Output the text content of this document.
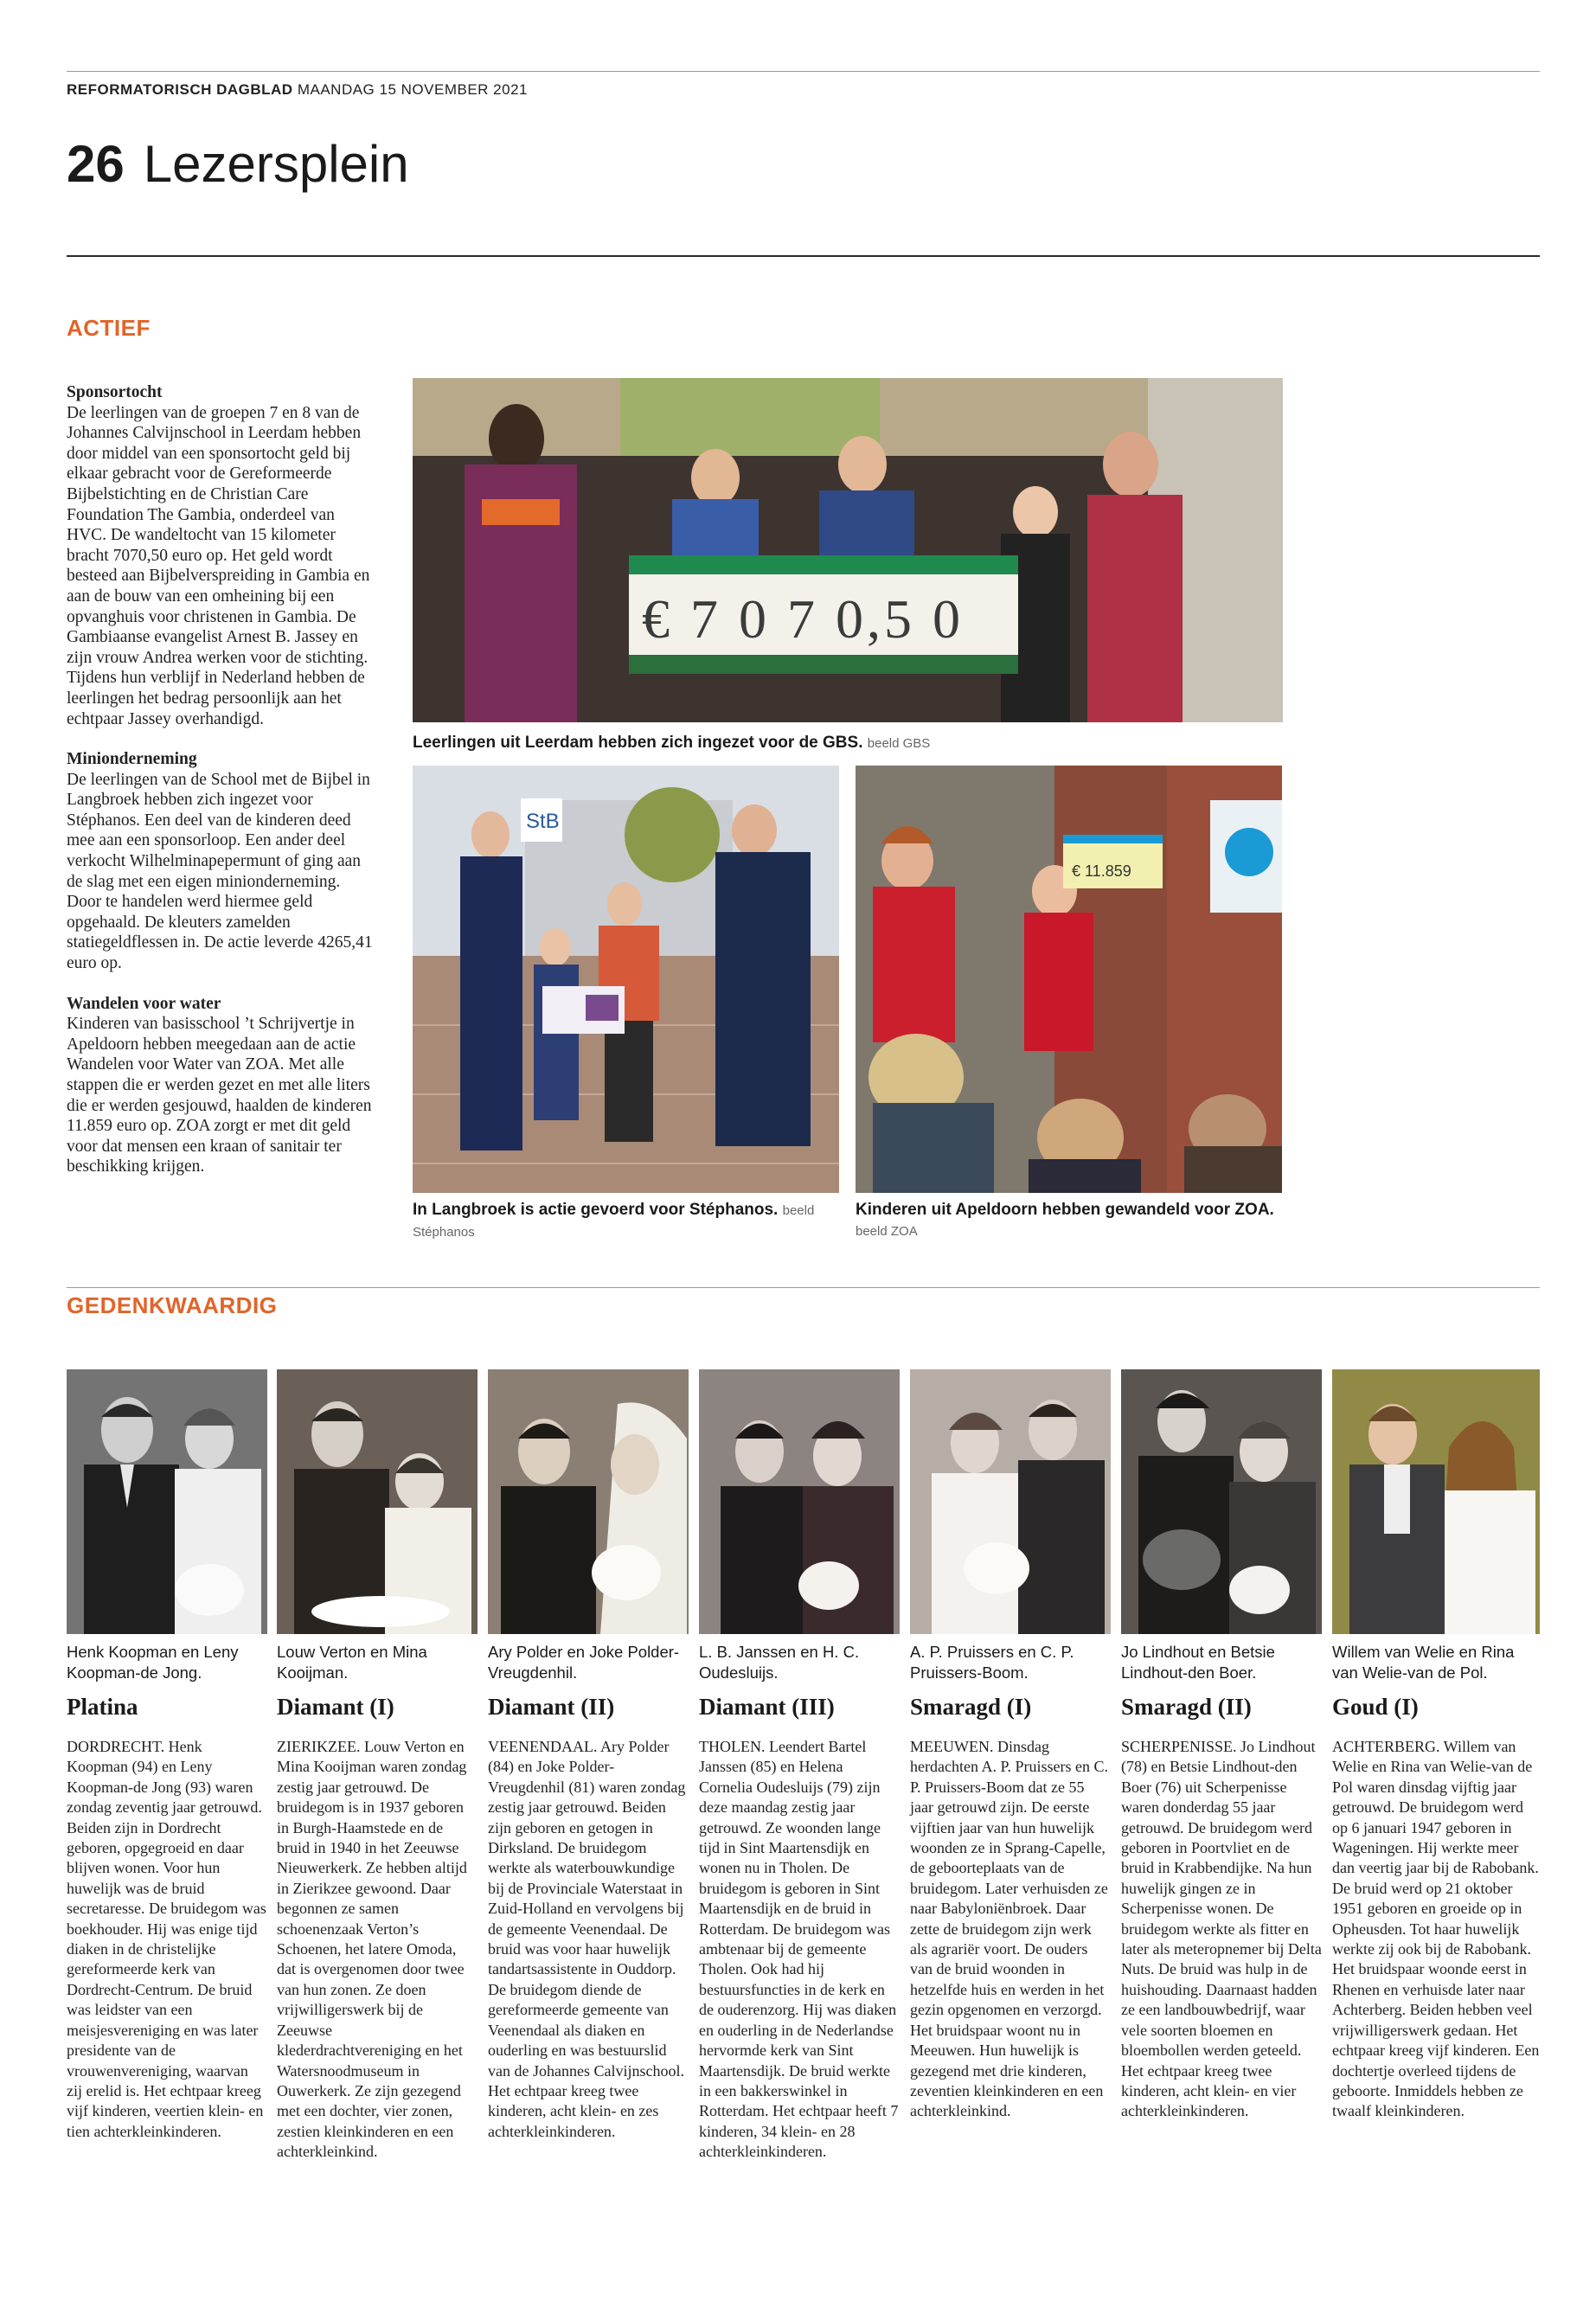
REFORMATORISCH DAGBLAD MAANDAG 15 NOVEMBER 2021
26 Lezersplein
ACTIEF
Sponsortocht

De leerlingen van de groepen 7 en 8 van de Johannes Calvijnschool in Leerdam hebben door middel van een sponsortocht geld bij elkaar gebracht voor de Gereformeerde Bijbelstichting en de Christian Care Foundation The Gambia, onderdeel van HVC. De wandeltocht van 15 kilometer bracht 7070,50 euro op. Het geld wordt besteed aan Bijbelverspreiding in Gambia en aan de bouw van een omheining bij een opvanghuis voor christenen in Gambia. De Gambiaanse evangelist Arnest B. Jassey en zijn vrouw Andrea werken voor de stichting. Tijdens hun verblijf in Nederland hebben de leerlingen het bedrag persoonlijk aan het echtpaar Jassey overhandigd.

Minionderneming

De leerlingen van de School met de Bijbel in Langbroek hebben zich ingezet voor Stéphanos. Een deel van de kinderen deed mee aan een sponsorloop. Een ander deel verkocht Wilhelminapepermunt of ging aan de slag met een eigen minionderneming. Door te handelen werd hiermee geld opgehaald. De kleuters zamelden statiegeldflessen in. De actie leverde 4265,41 euro op.

Wandelen voor water

Kinderen van basisschool ’t Schrijvertje in Apeldoorn hebben meegedaan aan de actie Wandelen voor Water van ZOA. Met alle stappen die er werden gezet en met alle liters die er werden gesjouwd, haalden de kinderen 11.859 euro op. ZOA zorgt er met dit geld voor dat mensen een kraan of sanitair ter beschikking krijgen.

€ 7 0 7 0,5 0
Leerlingen uit Leerdam hebben zich ingezet voor de GBS. beeld GBS
StB
In Langbroek is actie gevoerd voor Stéphanos. beeld Stéphanos
€ 11.859
Kinderen uit Apeldoorn hebben gewandeld voor ZOA. beeld ZOA
GEDENKWAARDIG
Henk Koopman en Leny Koopman-de Jong.
Platina
DORDRECHT. Henk Koopman (94) en Leny Koopman-de Jong (93) waren zondag zeventig jaar getrouwd. Beiden zijn in Dordrecht geboren, opgegroeid en daar blijven wonen. Voor hun huwelijk was de bruid secretaresse. De bruidegom was boekhouder. Hij was enige tijd diaken in de christelijke gereformeerde kerk van Dordrecht-Centrum. De bruid was leidster van een meisjesvereniging en was later presidente van de vrouwenvereniging, waarvan zij erelid is. Het echtpaar kreeg vijf kinderen, veertien klein- en tien achterkleinkinderen.
Louw Verton en Mina Kooijman.
Diamant (I)
ZIERIKZEE. Louw Verton en Mina Kooijman waren zondag zestig jaar getrouwd. De bruidegom is in 1937 geboren in Burgh-Haamstede en de bruid in 1940 in het Zeeuwse Nieuwerkerk. Ze hebben altijd in Zierikzee gewoond. Daar begonnen ze samen schoenenzaak Verton’s Schoenen, het latere Omoda, dat is overgenomen door twee van hun zonen. Ze doen vrijwilligerswerk bij de Zeeuwse klederdrachtvereniging en het Watersnoodmuseum in Ouwerkerk. Ze zijn gezegend met een dochter, vier zonen, zestien kleinkinderen en een achterkleinkind.
Ary Polder en Joke Polder-Vreugdenhil.
Diamant (II)
VEENENDAAL. Ary Polder (84) en Joke Polder-Vreugdenhil (81) waren zondag zestig jaar getrouwd. Beiden zijn geboren en getogen in Dirksland. De bruidegom werkte als waterbouwkundige bij de Provinciale Waterstaat in Zuid-Holland en vervolgens bij de gemeente Veenendaal. De bruid was voor haar huwelijk tandartsassistente in Ouddorp. De bruidegom diende de gereformeerde gemeente van Veenendaal als diaken en ouderling en was bestuurslid van de Johannes Calvijnschool. Het echtpaar kreeg twee kinderen, acht klein- en zes achterkleinkinderen.
L. B. Janssen en H. C. Oudesluijs.
Diamant (III)
THOLEN. Leendert Bartel Janssen (85) en Helena Cornelia Oudesluijs (79) zijn deze maandag zestig jaar getrouwd. Ze woonden lange tijd in Sint Maartensdijk en wonen nu in Tholen. De bruidegom is geboren in Sint Maartensdijk en de bruid in Rotterdam. De bruidegom was ambtenaar bij de gemeente Tholen. Ook had hij bestuursfuncties in de kerk en de ouderenzorg. Hij was diaken en ouderling in de Nederlandse hervormde kerk van Sint Maartensdijk. De bruid werkte in een bakkerswinkel in Rotterdam. Het echtpaar heeft 7 kinderen, 34 klein- en 28 achterkleinkinderen.
A. P. Pruissers en C. P. Pruissers-Boom.
Smaragd (I)
MEEUWEN. Dinsdag herdachten A. P. Pruissers en C. P. Pruissers-Boom dat ze 55 jaar getrouwd zijn. De eerste vijftien jaar van hun huwelijk woonden ze in Sprang-Capelle, de geboorteplaats van de bruidegom. Later verhuisden ze naar Babyloniënbroek. Daar zette de bruidegom zijn werk als agrariër voort. De ouders van de bruid woonden in hetzelfde huis en werden in het gezin opgenomen en verzorgd. Het bruidspaar woont nu in Meeuwen. Hun huwelijk is gezegend met drie kinderen, zeventien kleinkinderen en een achterkleinkind.
Jo Lindhout en Betsie Lindhout-den Boer.
Smaragd (II)
SCHERPENISSE. Jo Lindhout (78) en Betsie Lindhout-den Boer (76) uit Scherpenisse waren donderdag 55 jaar getrouwd. De bruidegom werd geboren in Poortvliet en de bruid in Krabbendijke. Na hun huwelijk gingen ze in Scherpenisse wonen. De bruidegom werkte als fitter en later als meteropnemer bij Delta Nuts. De bruid was hulp in de huishouding. Daarnaast hadden ze een landbouwbedrijf, waar vele soorten bloemen en bloembollen werden geteeld. Het echtpaar kreeg twee kinderen, acht klein- en vier achterkleinkinderen.
Willem van Welie en Rina van Welie-van de Pol.
Goud (I)
ACHTERBERG. Willem van Welie en Rina van Welie-van de Pol waren dinsdag vijftig jaar getrouwd. De bruidegom werd op 6 januari 1947 geboren in Wageningen. Hij werkte meer dan veertig jaar bij de Rabobank. De bruid werd op 21 oktober 1951 geboren en groeide op in Opheusden. Tot haar huwelijk werkte zij ook bij de Rabobank. Het bruidspaar woonde eerst in Rhenen en verhuisde later naar Achterberg. Beiden hebben veel vrijwilligerswerk gedaan. Het echtpaar kreeg vijf kinderen. Een dochtertje overleed tijdens de geboorte. Inmiddels hebben ze twaalf kleinkinderen.
